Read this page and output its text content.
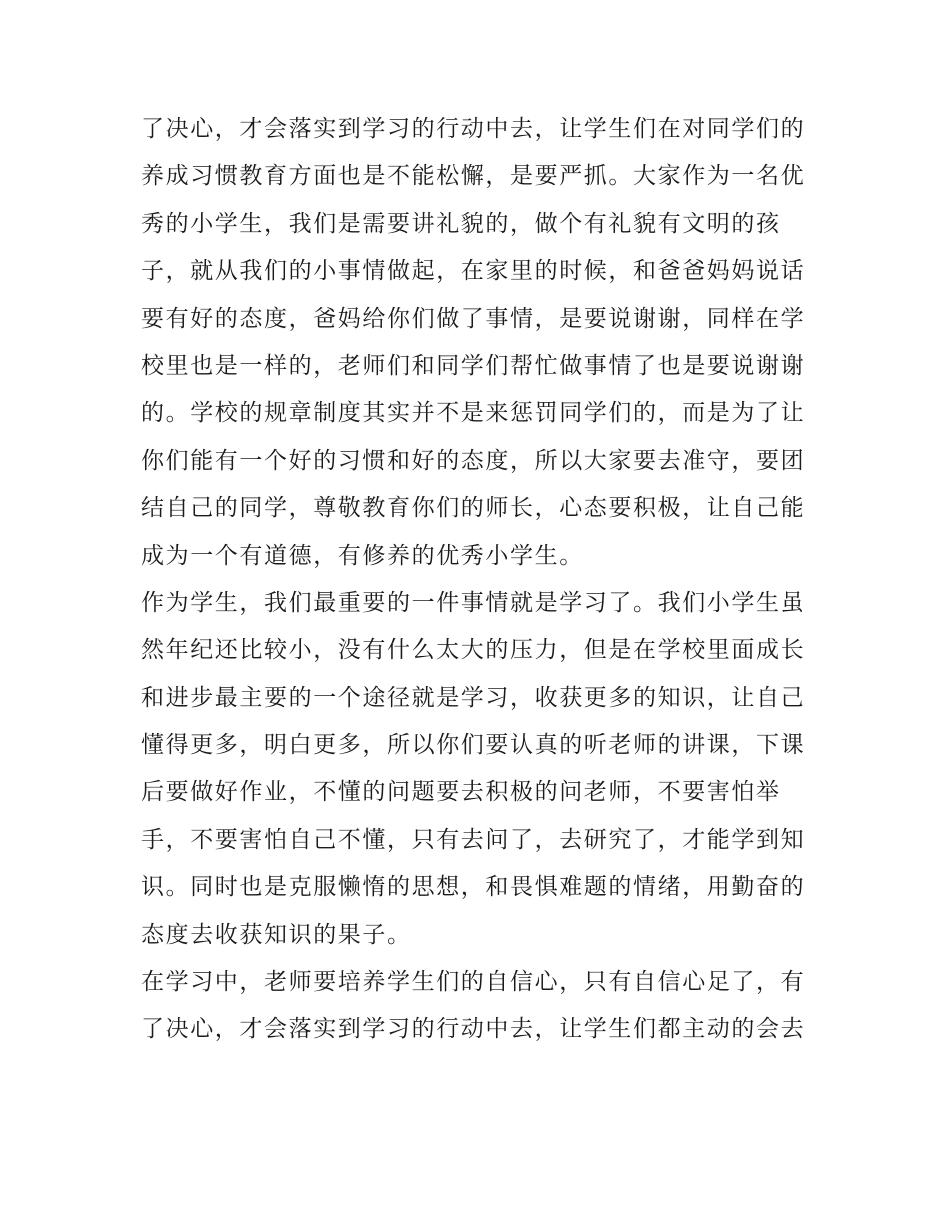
了决心，才会落实到学习的行动中去，让学生们在对同学们的
养成习惯教育方面也是不能松懈，是要严抓。大家作为一名优
秀的小学生，我们是需要讲礼貌的，做个有礼貌有文明的孩
子，就从我们的小事情做起，在家里的时候，和爸爸妈妈说话
要有好的态度，爸妈给你们做了事情，是要说谢谢，同样在学
校里也是一样的，老师们和同学们帮忙做事情了也是要说谢谢
的。学校的规章制度其实并不是来惩罚同学们的，而是为了让
你们能有一个好的习惯和好的态度，所以大家要去准守，要团
结自己的同学，尊敬教育你们的师长，心态要积极，让自己能
成为一个有道德，有修养的优秀小学生。
作为学生，我们最重要的一件事情就是学习了。我们小学生虽
然年纪还比较小，没有什么太大的压力，但是在学校里面成长
和进步最主要的一个途径就是学习，收获更多的知识，让自己
懂得更多，明白更多，所以你们要认真的听老师的讲课，下课
后要做好作业，不懂的问题要去积极的问老师，不要害怕举
手，不要害怕自己不懂，只有去问了，去研究了，才能学到知
识。同时也是克服懒惰的思想，和畏惧难题的情绪，用勤奋的
态度去收获知识的果子。
在学习中，老师要培养学生们的自信心，只有自信心足了，有
了决心，才会落实到学习的行动中去，让学生们都主动的会去
